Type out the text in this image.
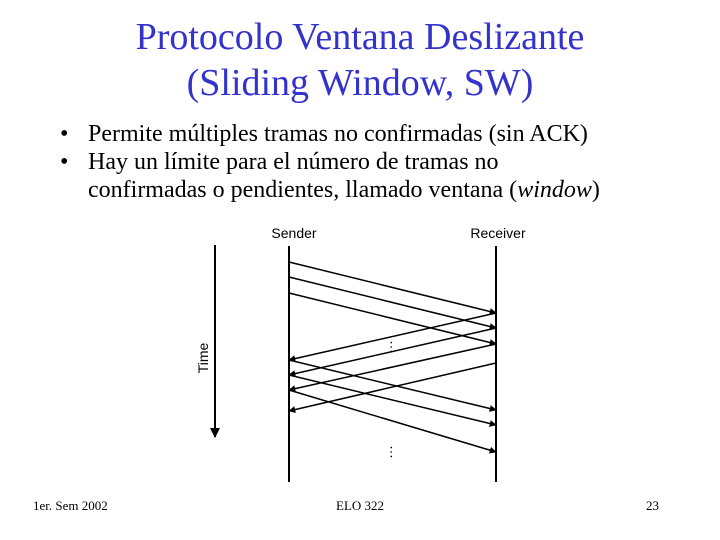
Protocolo Ventana Deslizante
(Sliding Window, SW)
• Permite múltiples tramas no confirmadas (sin ACK)
• Hay un límite para el número de tramas no
confirmadas o pendientes, llamado ventana (window)
Sender	Receiver
Time	…
…
1er. Sem 2002	ELO 322	23
